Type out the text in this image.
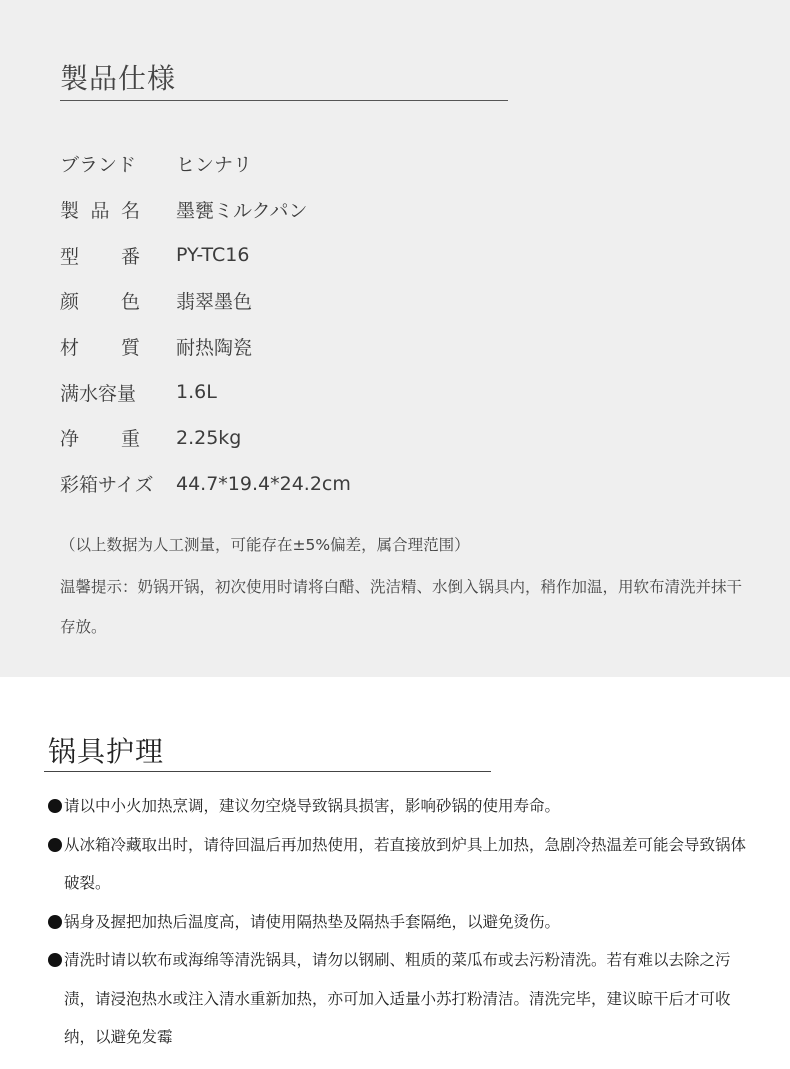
製品仕様
ブランド ヒンナリ
製 品 名 墨甕ミルクパン
型 番 PY-TC16
颜 色 翡翠墨色
材 質 耐热陶瓷
满水容量 1.6L
净 重 2.25kg
彩箱サイズ	44.7*19.4*24.2cm

（以上数据为人工测量，可能存在±5%偏差，属合理范围）

温馨提示：奶锅开锅，初次使用时请将白醋、洗洁精、水倒入锅具内，稍作加温，用软布清洗并抹干存放。

锅具护理
请以中小火加热烹调，建议勿空烧导致锅具损害，影响砂锅的使用寿命。
从冰箱冷藏取出时，请待回温后再加热使用，若直接放到炉具上加热，急剧冷热温差可能会导致锅体破裂。
锅身及握把加热后温度高，请使用隔热垫及隔热手套隔绝，以避免烫伤。
清洗时请以软布或海绵等清洗锅具，请勿以钢刷、粗质的菜瓜布或去污粉清洗。若有难以去除之污渍，请浸泡热水或注入清水重新加热，亦可加入适量小苏打粉清洁。清洗完毕，建议晾干后才可收纳，以避免发霉
